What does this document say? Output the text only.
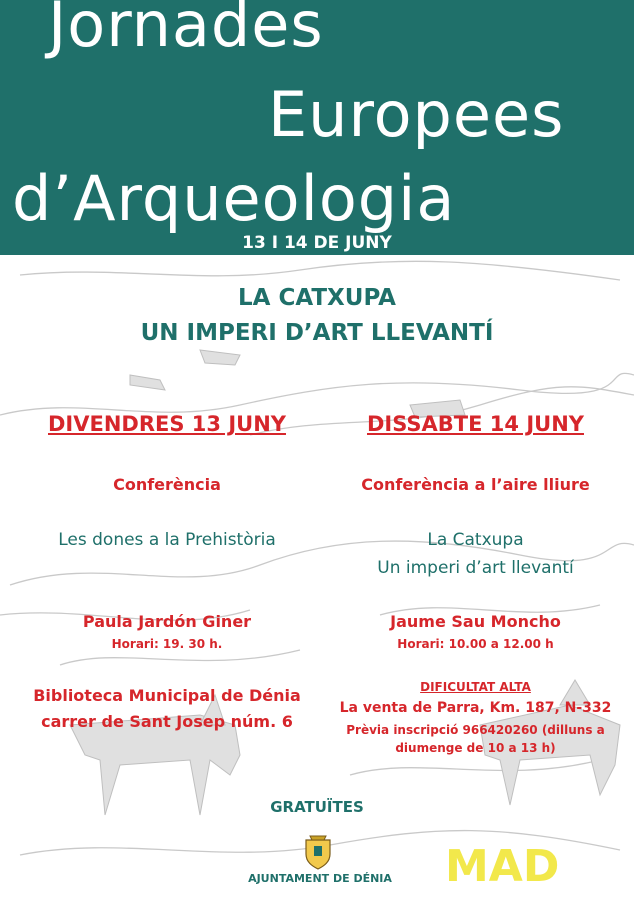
Jornades
Europees
d’Arqueologia
13 I 14 DE JUNY
LA CATXUPA
UN IMPERI D’ART LLEVANTÍ
DIVENDRES 13 JUNY
Conferència
Les dones a la Prehistòria
Paula Jardón Giner
Horari: 19. 30 h.
Biblioteca Municipal de Dénia
carrer de Sant Josep núm. 6
DISSABTE 14 JUNY
Conferència a l’aire lliure
La Catxupa
Un imperi d’art llevantí
Jaume Sau Moncho
Horari: 10.00 a 12.00 h
DIFICULTAT ALTA
La venta de Parra, Km. 187, N-332
Prèvia inscripció 966420260 (dilluns a
diumenge de 10 a 13 h)
GRATUÏTES
AJUNTAMENT DE DÉNIA	MAD
